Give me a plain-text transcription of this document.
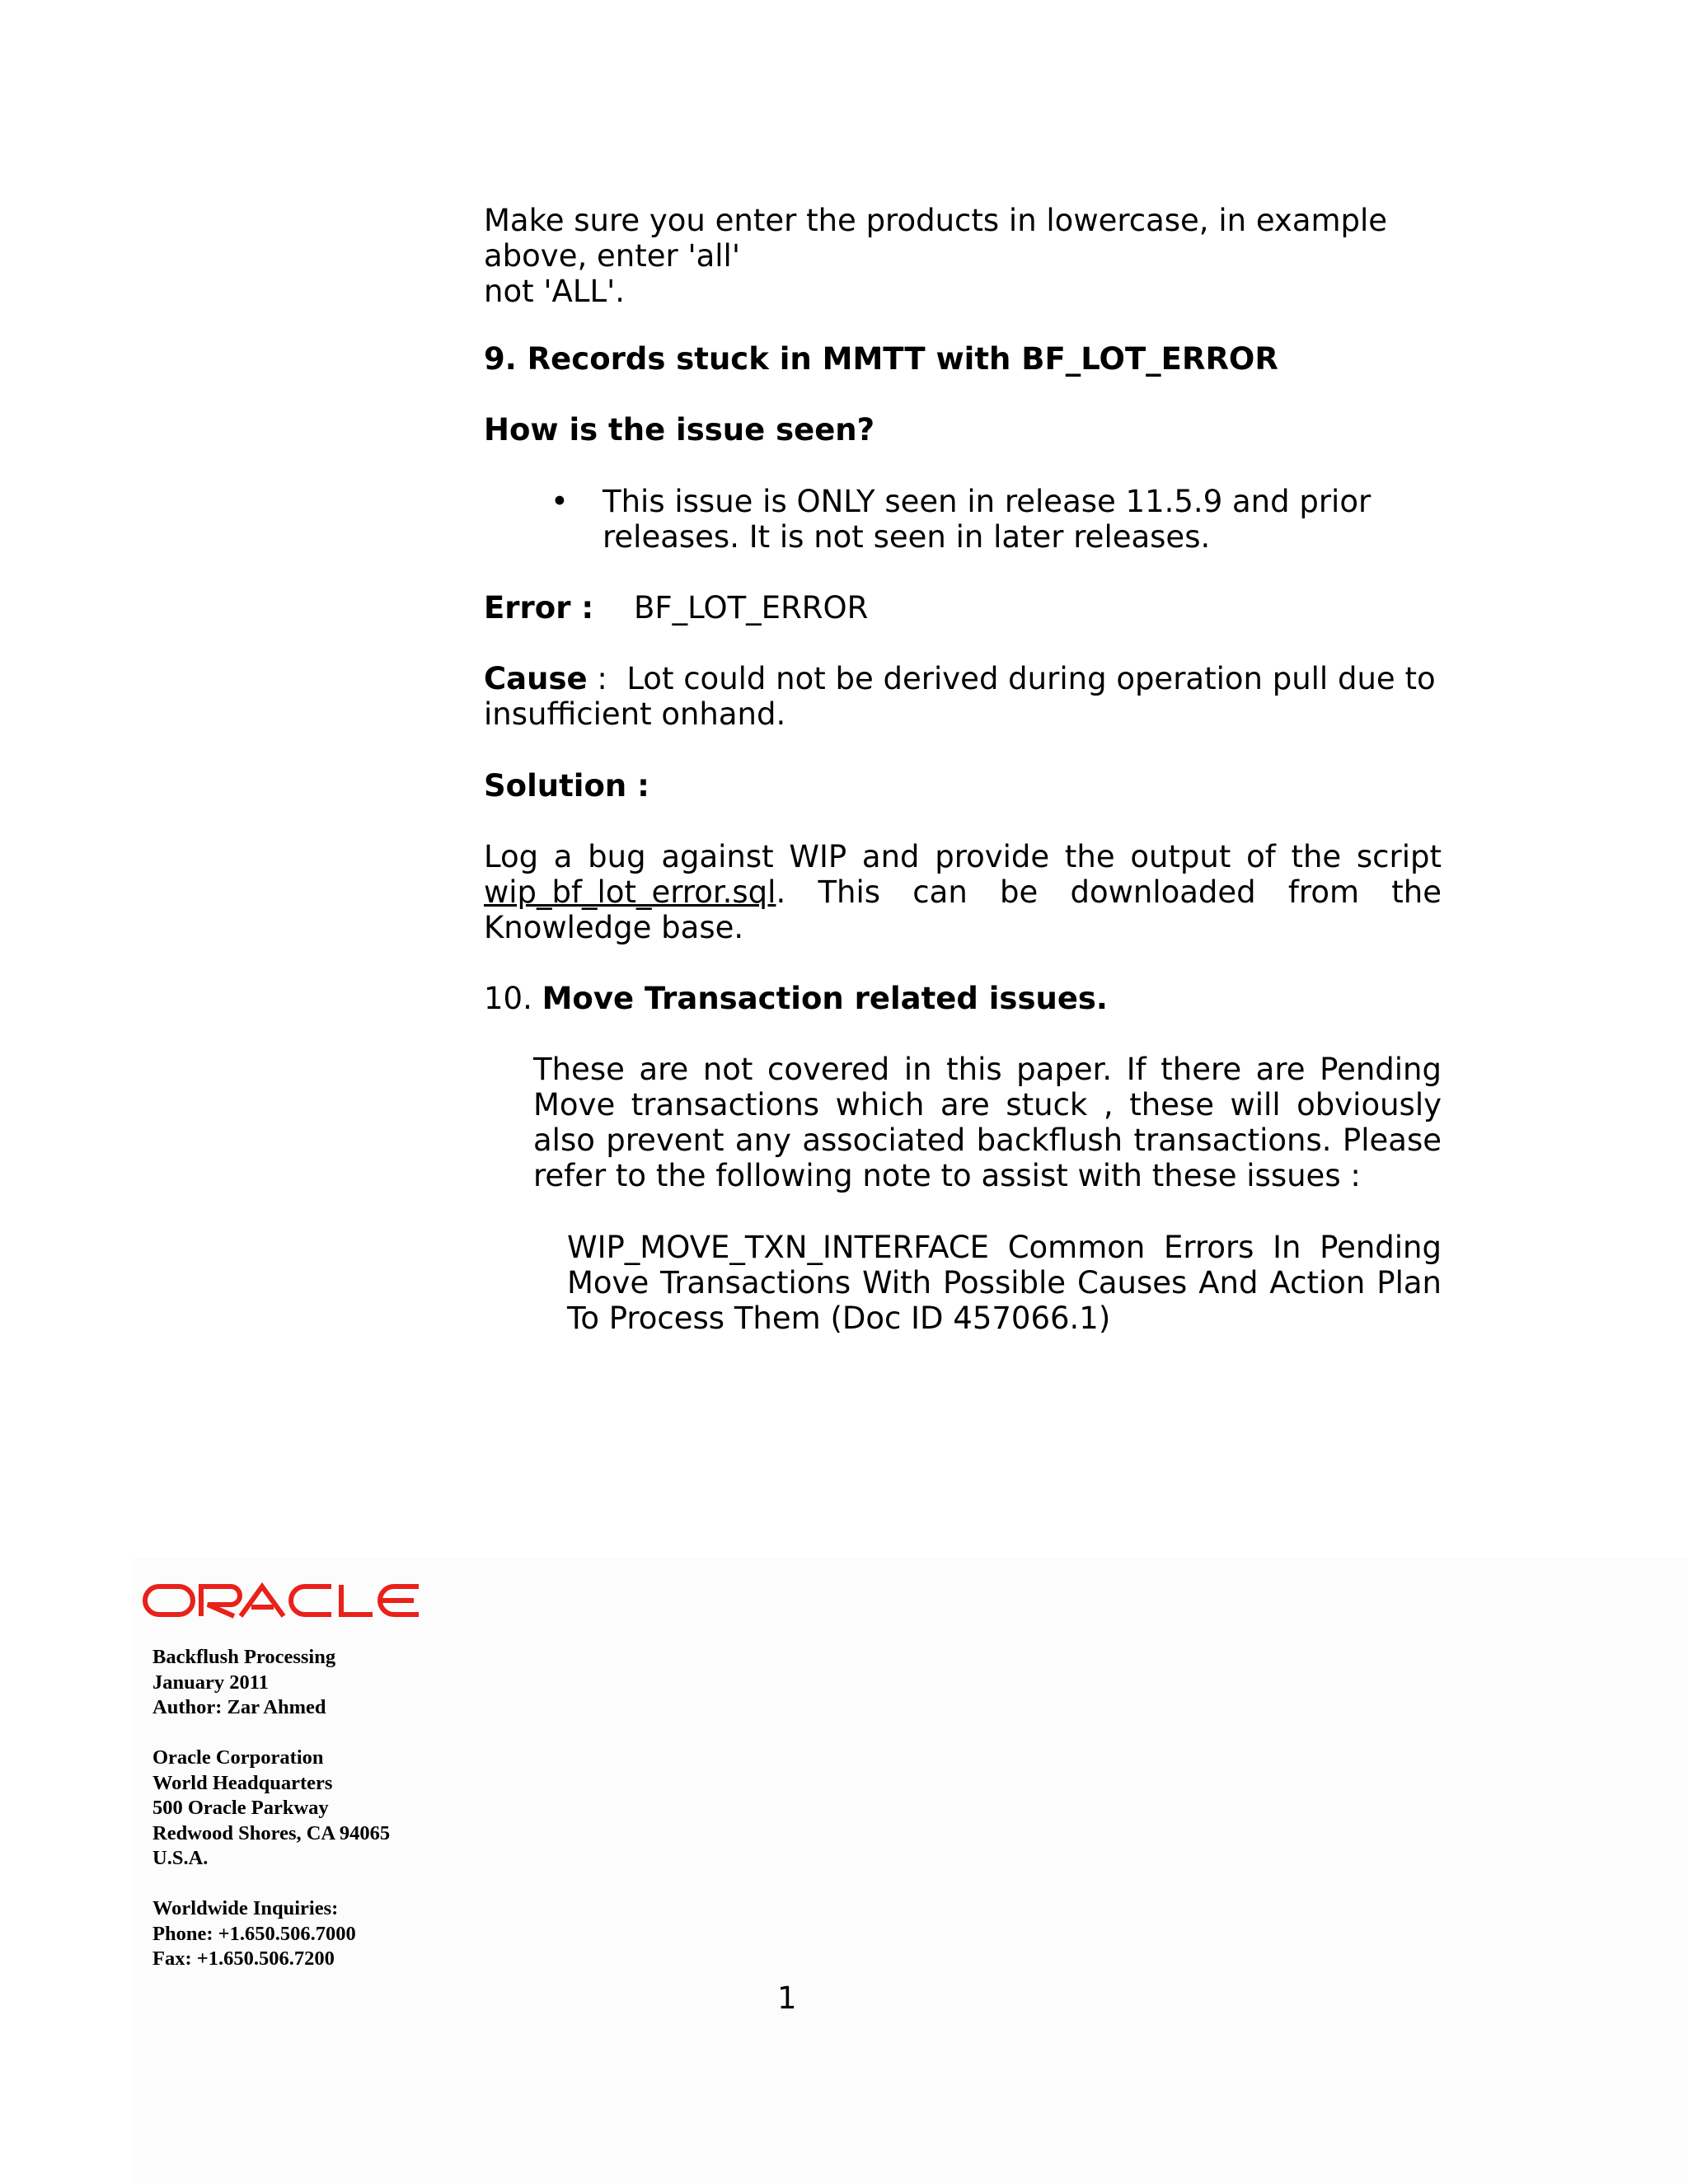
Make sure you enter the products in lowercase, in example
above, enter 'all'
not 'ALL'.
9. Records stuck in MMTT with BF_LOT_ERROR
How is the issue seen?
• This issue is ONLY seen in release 11.5.9 and prior
releases. It is not seen in later releases.
Error : BF_LOT_ERROR
Cause :  Lot could not be derived during operation pull due to
insufficient onhand.
Solution :
Log a bug against WIP and provide the output of the script
wip_bf_lot_error.sql. This can be downloaded from the
Knowledge base.
10. Move Transaction related issues.
These are not covered in this paper. If there are Pending
Move transactions which are stuck , these will obviously
also prevent any associated backflush transactions. Please
refer to the following note to assist with these issues :
WIP_MOVE_TXN_INTERFACE Common Errors In Pending
Move Transactions With Possible Causes And Action Plan
To Process Them (Doc ID 457066.1)
Backflush Processing
January 2011
Author: Zar Ahmed
Oracle Corporation
World Headquarters
500 Oracle Parkway
Redwood Shores, CA 94065
U.S.A.
Worldwide Inquiries:
Phone: +1.650.506.7000
Fax: +1.650.506.7200
1
